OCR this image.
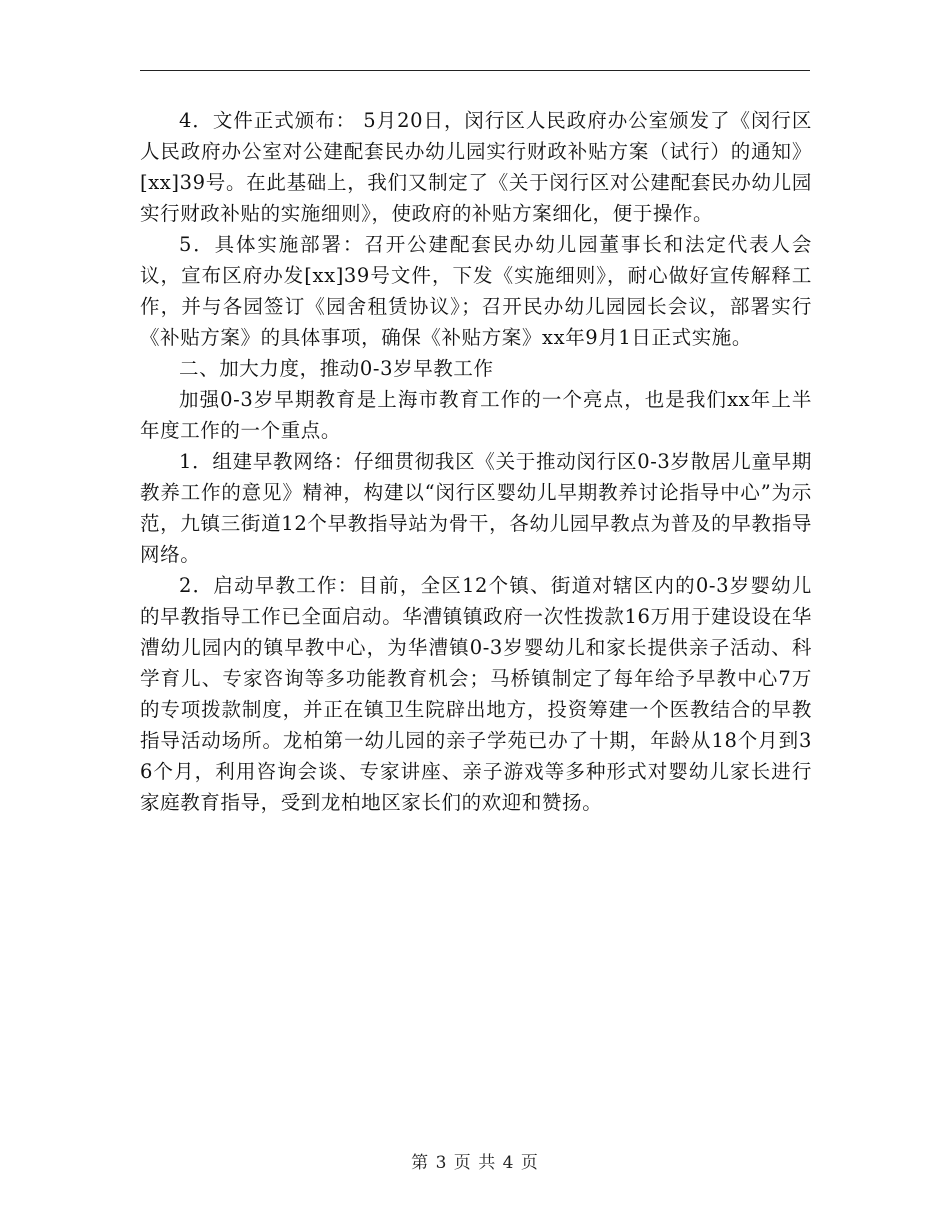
4．文件正式颁布： 5月20日，闵行区人民政府办公室颁发了《闵行区人民政府办公室对公建配套民办幼儿园实行财政补贴方案（试行）的通知》[xx]39号。在此基础上，我们又制定了《关于闵行区对公建配套民办幼儿园实行财政补贴的实施细则》，使政府的补贴方案细化，便于操作。

5．具体实施部署：召开公建配套民办幼儿园董事长和法定代表人会议，宣布区府办发[xx]39号文件，下发《实施细则》，耐心做好宣传解释工作，并与各园签订《园舍租赁协议》；召开民办幼儿园园长会议，部署实行《补贴方案》的具体事项，确保《补贴方案》xx年9月1日正式实施。

二、加大力度，推动0-3岁早教工作

加强0-3岁早期教育是上海市教育工作的一个亮点，也是我们xx年上半年度工作的一个重点。

1．组建早教网络：仔细贯彻我区《关于推动闵行区0-3岁散居儿童早期教养工作的意见》精神，构建以“闵行区婴幼儿早期教养讨论指导中心”为示范，九镇三街道12个早教指导站为骨干，各幼儿园早教点为普及的早教指导网络。

2．启动早教工作：目前，全区12个镇、街道对辖区内的0-3岁婴幼儿的早教指导工作已全面启动。华漕镇镇政府一次性拨款16万用于建设设在华漕幼儿园内的镇早教中心，为华漕镇0-3岁婴幼儿和家长提供亲子活动、科学育儿、专家咨询等多功能教育机会；马桥镇制定了每年给予早教中心7万的专项拨款制度，并正在镇卫生院辟出地方，投资筹建一个医教结合的早教指导活动场所。龙柏第一幼儿园的亲子学苑已办了十期，年龄从18个月到36个月，利用咨询会谈、专家讲座、亲子游戏等多种形式对婴幼儿家长进行家庭教育指导，受到龙柏地区家长们的欢迎和赞扬。

第 3 页 共 4 页
